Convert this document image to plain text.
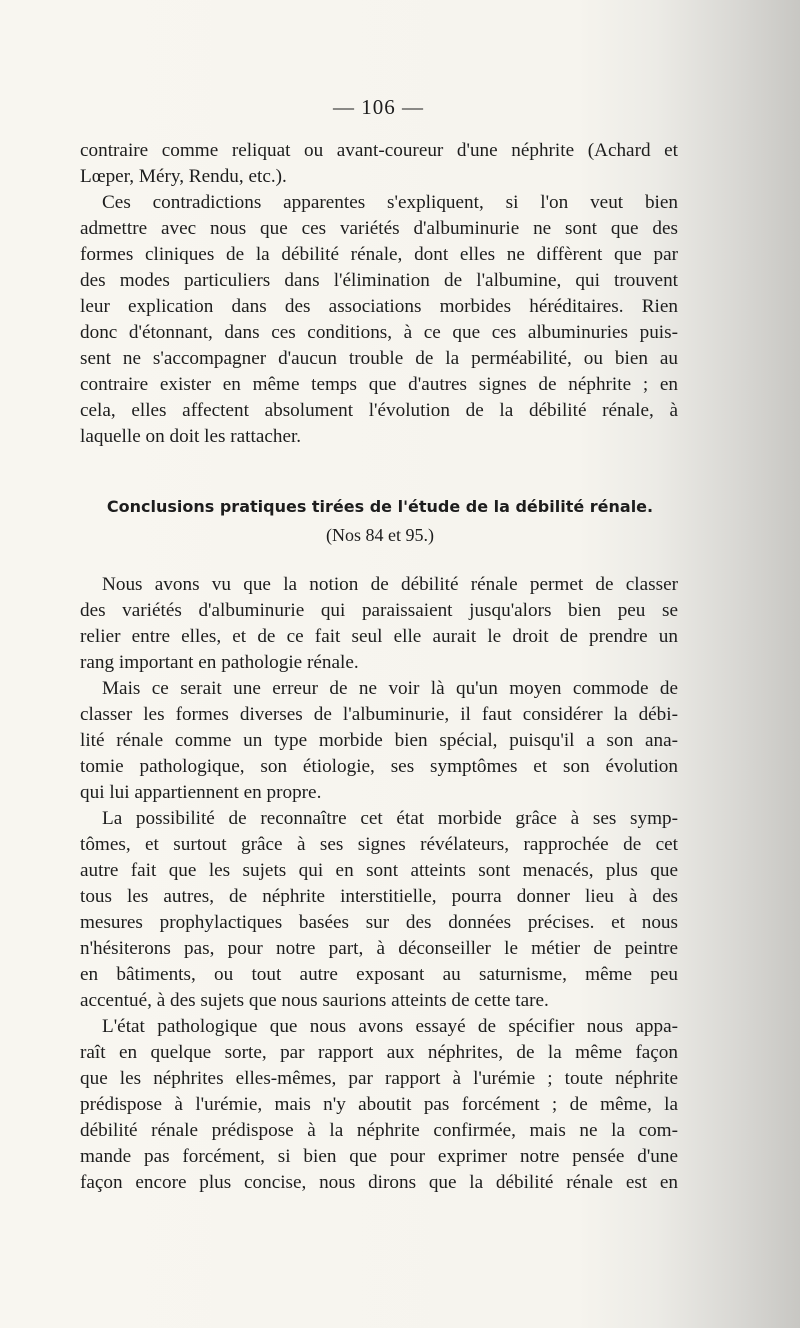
— 106 —
contraire comme reliquat ou avant-coureur d'une néphrite (Achard et
Lœper, Méry, Rendu, etc.).
Ces contradictions apparentes s'expliquent, si l'on veut bien
admettre avec nous que ces variétés d'albuminurie ne sont que des
formes cliniques de la débilité rénale, dont elles ne diffèrent que par
des modes particuliers dans l'élimination de l'albumine, qui trouvent
leur explication dans des associations morbides héréditaires. Rien
donc d'étonnant, dans ces conditions, à ce que ces albuminuries puis-
sent ne s'accompagner d'aucun trouble de la perméabilité, ou bien au
contraire exister en même temps que d'autres signes de néphrite ; en
cela, elles affectent absolument l'évolution de la débilité rénale, à
laquelle on doit les rattacher.
Conclusions pratiques tirées de l'étude de la débilité rénale.
(Nos 84 et 95.)
Nous avons vu que la notion de débilité rénale permet de classer
des variétés d'albuminurie qui paraissaient jusqu'alors bien peu se
relier entre elles, et de ce fait seul elle aurait le droit de prendre un
rang important en pathologie rénale.
Mais ce serait une erreur de ne voir là qu'un moyen commode de
classer les formes diverses de l'albuminurie, il faut considérer la débi-
lité rénale comme un type morbide bien spécial, puisqu'il a son ana-
tomie pathologique, son étiologie, ses symptômes et son évolution
qui lui appartiennent en propre.
La possibilité de reconnaître cet état morbide grâce à ses symp-
tômes, et surtout grâce à ses signes révélateurs, rapprochée de cet
autre fait que les sujets qui en sont atteints sont menacés, plus que
tous les autres, de néphrite interstitielle, pourra donner lieu à des
mesures prophylactiques basées sur des données précises. et nous
n'hésiterons pas, pour notre part, à déconseiller le métier de peintre
en bâtiments, ou tout autre exposant au saturnisme, même peu
accentué, à des sujets que nous saurions atteints de cette tare.
L'état pathologique que nous avons essayé de spécifier nous appa-
raît en quelque sorte, par rapport aux néphrites, de la même façon
que les néphrites elles-mêmes, par rapport à l'urémie ; toute néphrite
prédispose à l'urémie, mais n'y aboutit pas forcément ; de même, la
débilité rénale prédispose à la néphrite confirmée, mais ne la com-
mande pas forcément, si bien que pour exprimer notre pensée d'une
façon encore plus concise, nous dirons que la débilité rénale est en
